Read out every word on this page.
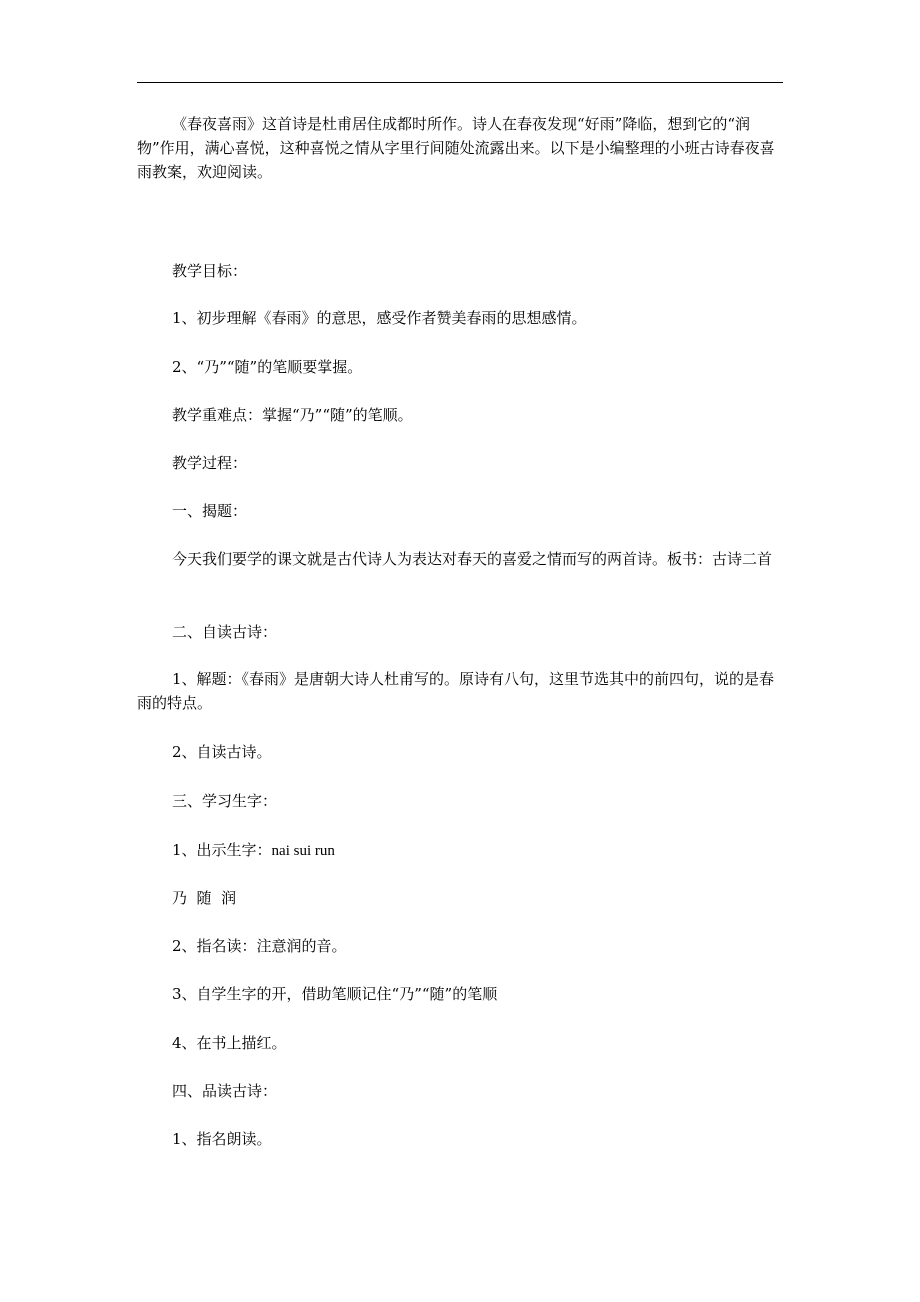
《春夜喜雨》这首诗是杜甫居住成都时所作。诗人在春夜发现“好雨”降临，想到它的“润物”作用，满心喜悦，这种喜悦之情从字里行间随处流露出来。以下是小编整理的小班古诗春夜喜雨教案，欢迎阅读。

教学目标：

1、初步理解《春雨》的意思，感受作者赞美春雨的思想感情。

2、“乃”“随”的笔顺要掌握。

教学重难点：掌握“乃”“随”的笔顺。

教学过程：

一、揭题：

今天我们要学的课文就是古代诗人为表达对春天的喜爱之情而写的两首诗。板书：古诗二首

二、自读古诗：

1、解题：《春雨》是唐朝大诗人杜甫写的。原诗有八句，这里节选其中的前四句，说的是春雨的特点。

2、自读古诗。

三、学习生字：

1、出示生字：nai sui run

乃  随  润

2、指名读：注意润的音。

3、自学生字的开，借助笔顺记住“乃”“随”的笔顺

4、在书上描红。

四、品读古诗：

1、指名朗读。
